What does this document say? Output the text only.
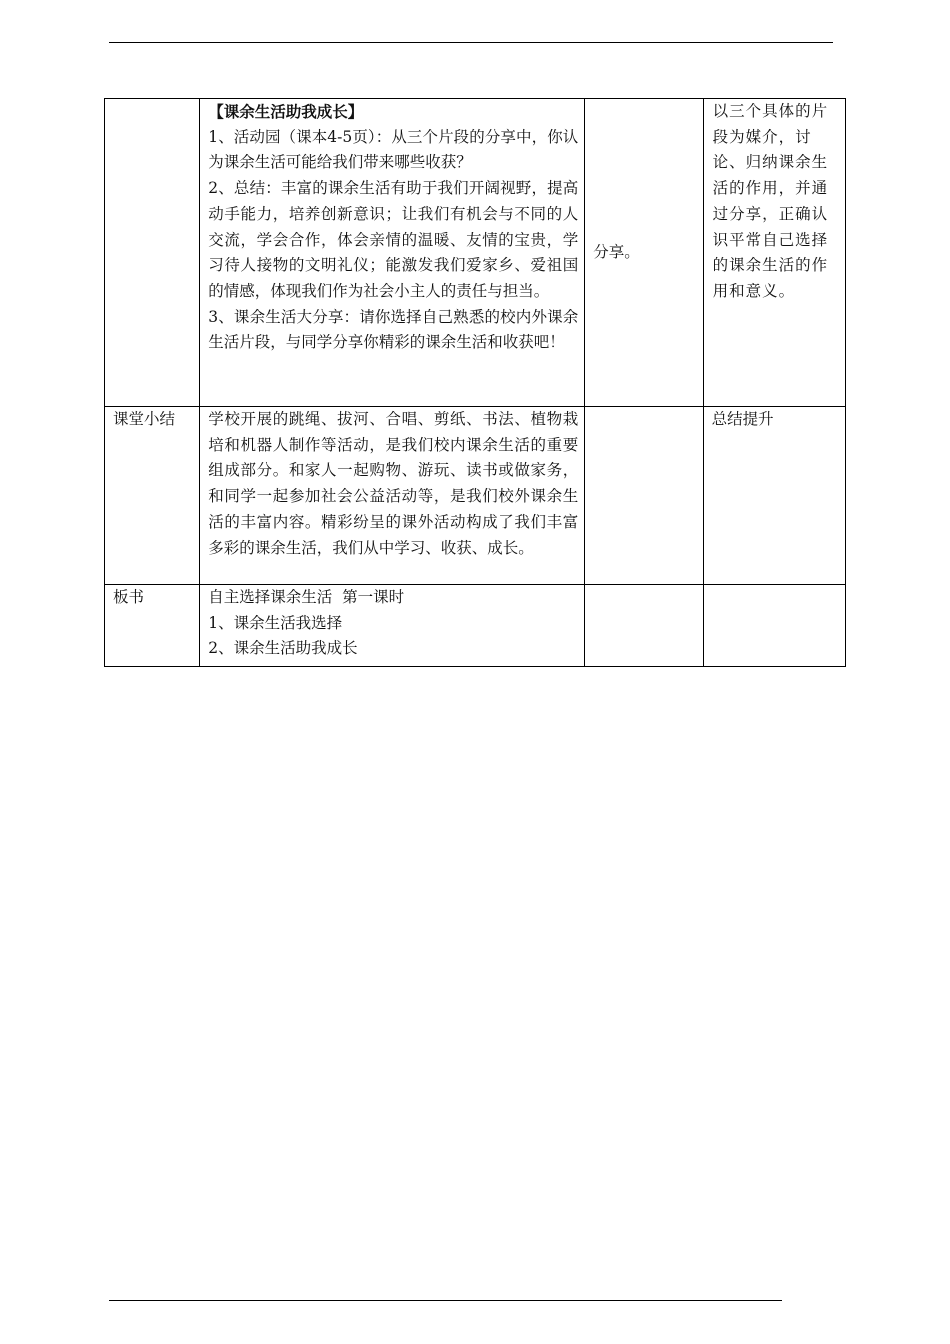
	【课余生活助我成长】

1、活动园（课本4-5页）：从三个片段的分享中，你认为课余生活可能给我们带来哪些收获？

2、总结：丰富的课余生活有助于我们开阔视野，提高动手能力，培养创新意识；让我们有机会与不同的人交流，学会合作，体会亲情的温暖、友情的宝贵，学习待人接物的文明礼仪；能激发我们爱家乡、爱祖国的情感，体现我们作为社会小主人的责任与担当。

3、课余生活大分享：请你选择自己熟悉的校内外课余生活片段，与同学分享你精彩的课余生活和收获吧！	分享。	以三个具体的片段为媒介，讨论、归纳课余生活的作用，并通过分享，正确认识平常自己选择的课余生活的作用和意义。
课堂小结	学校开展的跳绳、拔河、合唱、剪纸、书法、植物栽培和机器人制作等活动，是我们校内课余生活的重要组成部分。和家人一起购物、游玩、读书或做家务，和同学一起参加社会公益活动等，是我们校外课余生活的丰富内容。精彩纷呈的课外活动构成了我们丰富多彩的课余生活，我们从中学习、收获、成长。		总结提升
板书	自主选择课余生活  第一课时

1、课余生活我选择

2、课余生活助我成长		
